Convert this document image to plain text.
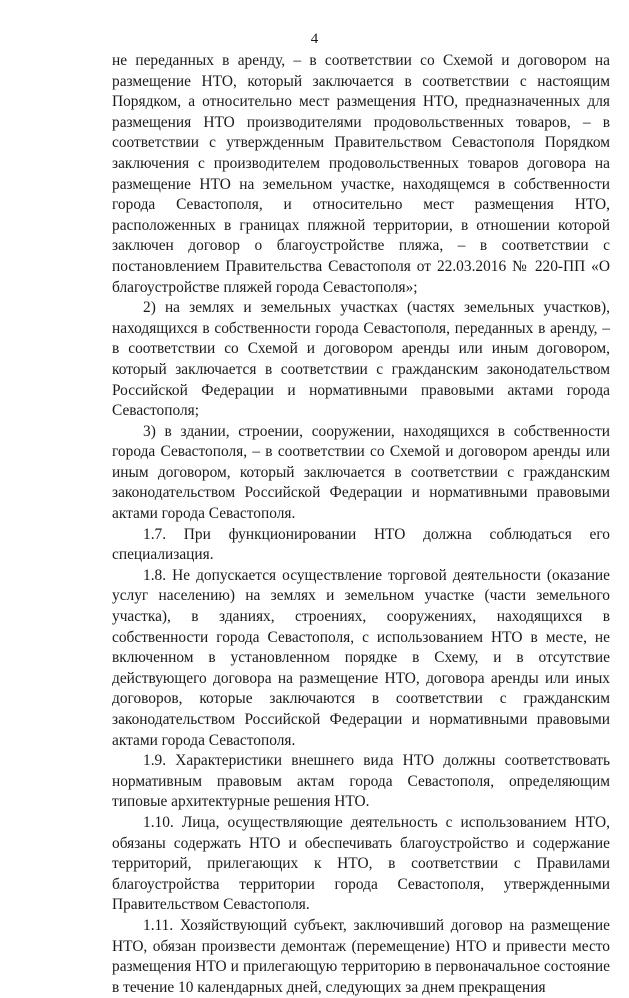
4

не переданных в аренду, – в соответствии со Схемой и договором на размещение НТО, который заключается в соответствии с настоящим Порядком, а относительно мест размещения НТО, предназначенных для размещения НТО производителями продовольственных товаров, – в соответствии с утвержденным Правительством Севастополя Порядком заключения с производителем продовольственных товаров договора на размещение НТО на земельном участке, находящемся в собственности города Севастополя, и относительно мест размещения НТО, расположенных в границах пляжной территории, в отношении которой заключен договор о благоустройстве пляжа, – в соответствии с постановлением Правительства Севастополя от 22.03.2016 № 220-ПП «О благоустройстве пляжей города Севастополя»;

2) на землях и земельных участках (частях земельных участков), находящихся в собственности города Севастополя, переданных в аренду, – в соответствии со Схемой и договором аренды или иным договором, который заключается в соответствии с гражданским законодательством Российской Федерации и нормативными правовыми актами города Севастополя;

3) в здании, строении, сооружении, находящихся в собственности города Севастополя, – в соответствии со Схемой и договором аренды или иным договором, который заключается в соответствии с гражданским законодательством Российской Федерации и нормативными правовыми актами города Севастополя.

1.7. При функционировании НТО должна соблюдаться его специализация.

1.8. Не допускается осуществление торговой деятельности (оказание услуг населению) на землях и земельном участке (части земельного участка), в зданиях, строениях, сооружениях, находящихся в собственности города Севастополя, с использованием НТО в месте, не включенном в установленном порядке в Схему, и в отсутствие действующего договора на размещение НТО, договора аренды или иных договоров, которые заключаются в соответствии с гражданским законодательством Российской Федерации и нормативными правовыми актами города Севастополя.

1.9. Характеристики внешнего вида НТО должны соответствовать нормативным правовым актам города Севастополя, определяющим типовые архитектурные решения НТО.

1.10. Лица, осуществляющие деятельность с использованием НТО, обязаны содержать НТО и обеспечивать благоустройство и содержание территорий, прилегающих к НТО, в соответствии с Правилами благоустройства территории города Севастополя, утвержденными Правительством Севастополя.

1.11. Хозяйствующий субъект, заключивший договор на размещение НТО, обязан произвести демонтаж (перемещение) НТО и привести место размещения НТО и прилегающую территорию в первоначальное состояние в течение 10 календарных дней, следующих за днем прекращения
